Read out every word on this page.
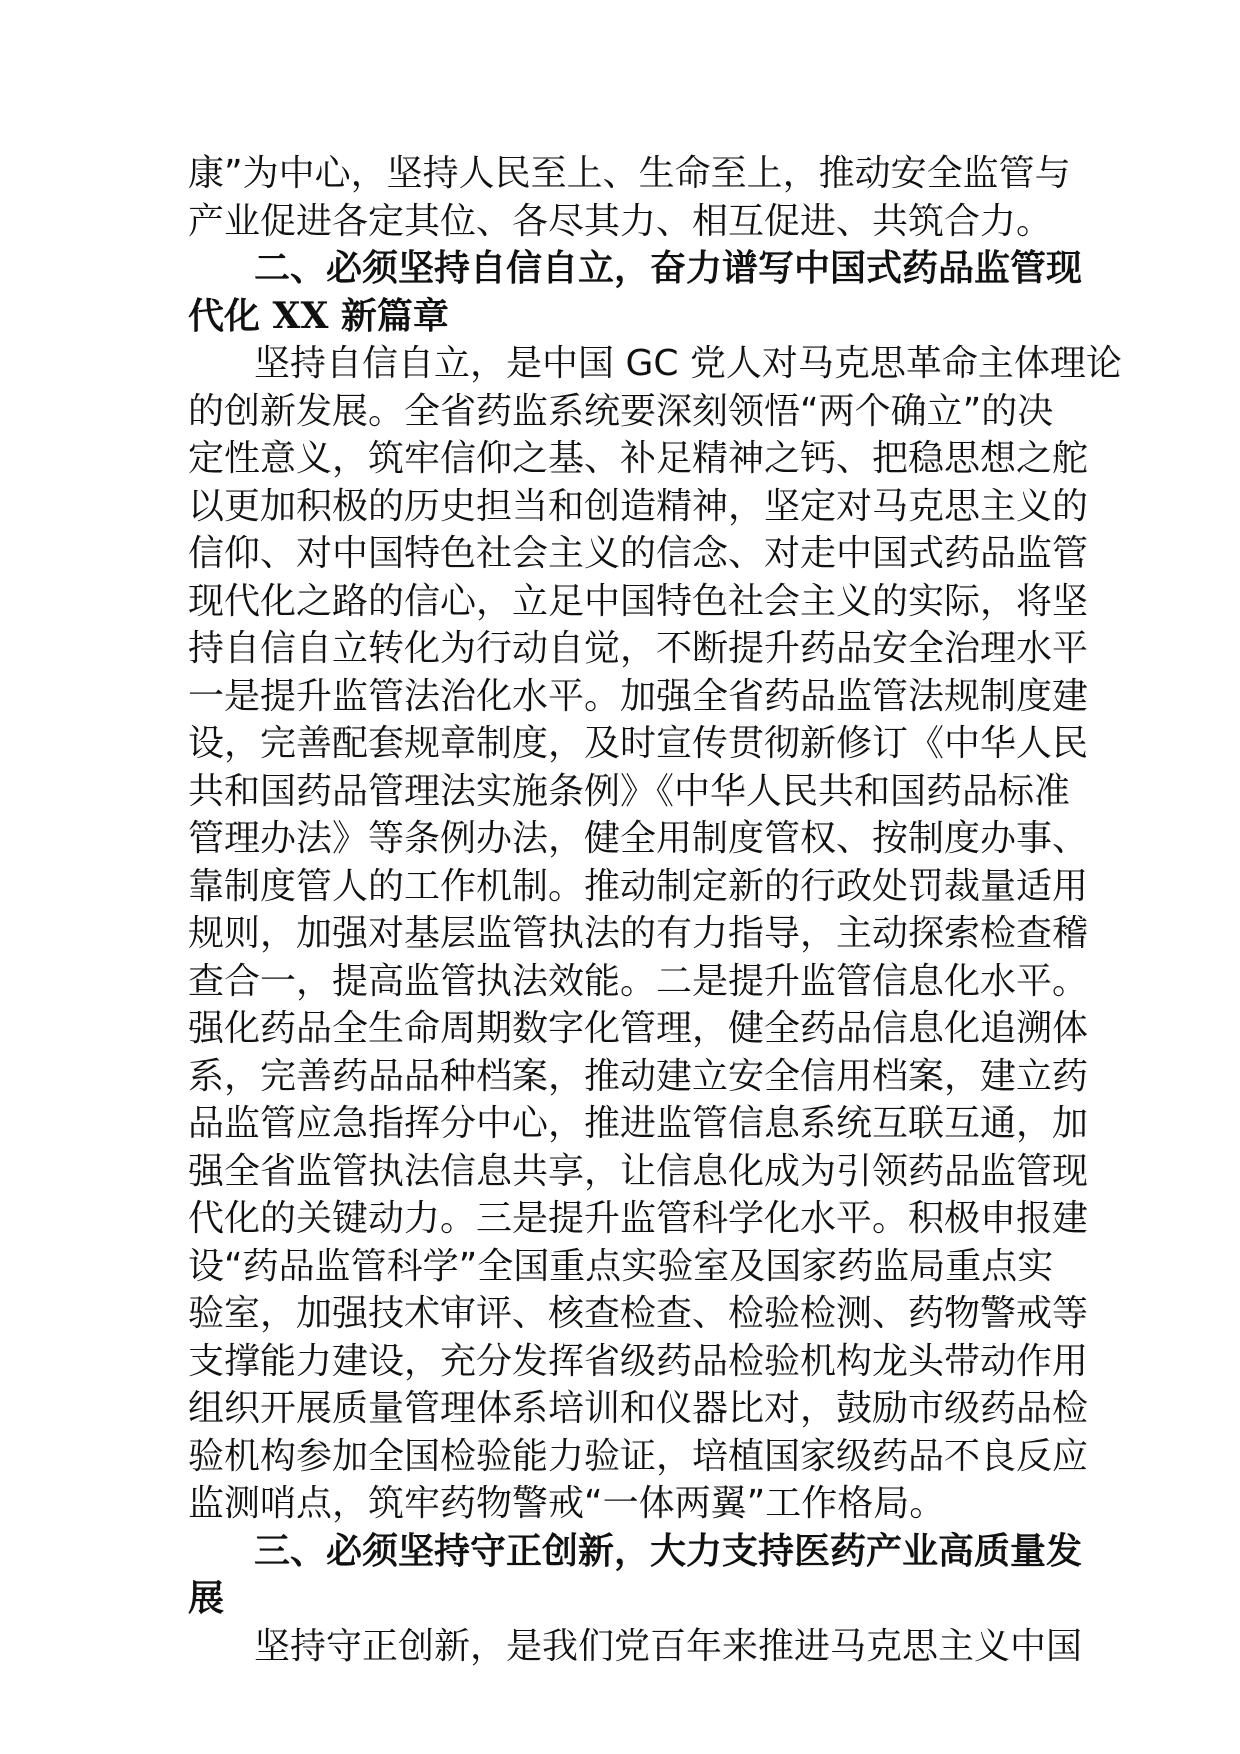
康”为中心，坚持人民至上、生命至上，推动安全监管与
产业促进各定其位、各尽其力、相互促进、共筑合力。
二、必须坚持自信自立，奋力谱写中国式药品监管现
代化 XX 新篇章
坚持自信自立，是中国 GC 党人对马克思革命主体理论
的创新发展。全省药监系统要深刻领悟“两个确立”的决
定性意义，筑牢信仰之基、补足精神之钙、把稳思想之舵
以更加积极的历史担当和创造精神，坚定对马克思主义的
信仰、对中国特色社会主义的信念、对走中国式药品监管
现代化之路的信心，立足中国特色社会主义的实际，将坚
持自信自立转化为行动自觉，不断提升药品安全治理水平
一是提升监管法治化水平。加强全省药品监管法规制度建
设，完善配套规章制度，及时宣传贯彻新修订《中华人民
共和国药品管理法实施条例》《中华人民共和国药品标准
管理办法》等条例办法，健全用制度管权、按制度办事、
靠制度管人的工作机制。推动制定新的行政处罚裁量适用
规则，加强对基层监管执法的有力指导，主动探索检查稽
查合一，提高监管执法效能。二是提升监管信息化水平。
强化药品全生命周期数字化管理，健全药品信息化追溯体
系，完善药品品种档案，推动建立安全信用档案，建立药
品监管应急指挥分中心，推进监管信息系统互联互通，加
强全省监管执法信息共享，让信息化成为引领药品监管现
代化的关键动力。三是提升监管科学化水平。积极申报建
设“药品监管科学”全国重点实验室及国家药监局重点实
验室，加强技术审评、核查检查、检验检测、药物警戒等
支撑能力建设，充分发挥省级药品检验机构龙头带动作用
组织开展质量管理体系培训和仪器比对，鼓励市级药品检
验机构参加全国检验能力验证，培植国家级药品不良反应
监测哨点，筑牢药物警戒“一体两翼”工作格局。
三、必须坚持守正创新，大力支持医药产业高质量发
展
坚持守正创新，是我们党百年来推进马克思主义中国
